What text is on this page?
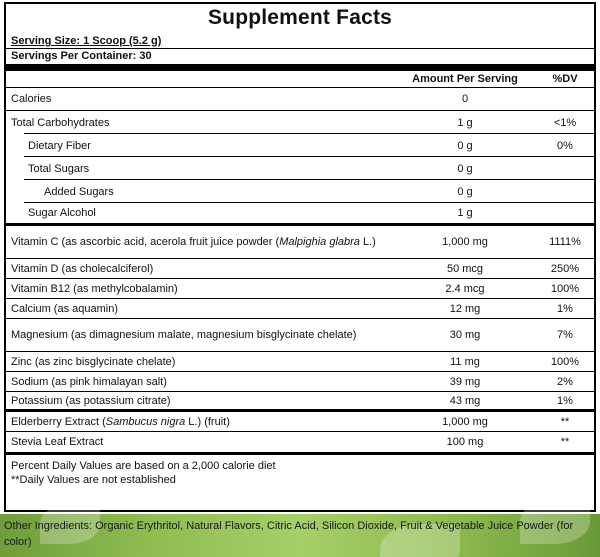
Supplement Facts
Serving Size: 1 Scoop (5.2 g)
Servings Per Container: 30
Amount Per Serving	%DV
Calories	0
Total Carbohydrates	1 g	<1%
Dietary Fiber	0 g	0%
Total Sugars	0 g
Added Sugars	0 g
Sugar Alcohol	1 g
Vitamin C (as ascorbic acid, acerola fruit juice powder (Malpighia glabra L.)	1,000 mg	1111%
Vitamin D (as cholecalciferol)	50 mcg	250%
Vitamin B12 (as methylcobalamin)	2.4 mcg	100%
Calcium (as aquamin)	12 mg	1%
Magnesium (as dimagnesium malate, magnesium bisglycinate chelate)	30 mg	7%
Zinc (as zinc bisglycinate chelate)	11 mg	100%
Sodium (as pink himalayan salt)	39 mg	2%
Potassium (as potassium citrate)	43 mg	1%
Elderberry Extract (Sambucus nigra L.) (fruit)	1,000 mg	**
Stevia Leaf Extract	100 mg	**
Percent Daily Values are based on a 2,000 calorie diet
**Daily Values are not established
Other Ingredients: Organic Erythritol, Natural Flavors, Citric Acid, Silicon Dioxide, Fruit & Vegetable Juice Powder (for color)
